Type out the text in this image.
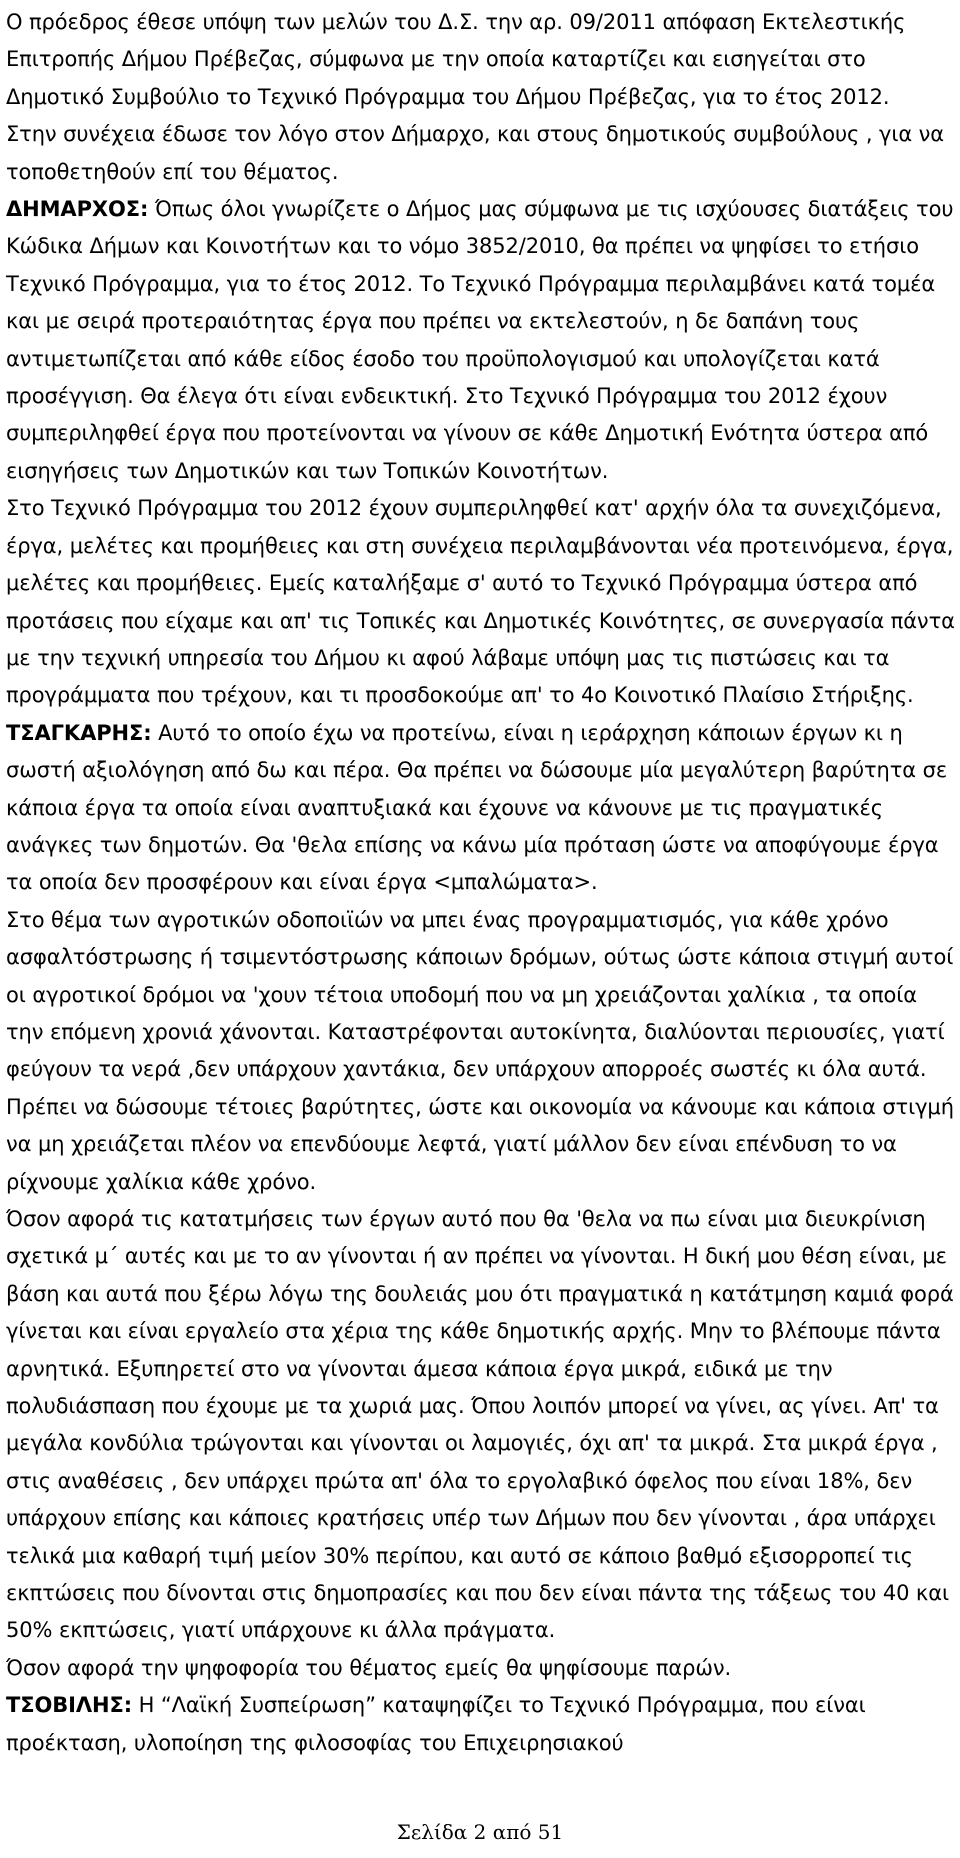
Ο πρόεδρος έθεσε υπόψη των μελών του Δ.Σ. την αρ. 09/2011 απόφαση Εκτελεστικής Επιτροπής Δήμου Πρέβεζας, σύμφωνα με την οποία καταρτίζει και εισηγείται στο Δημοτικό Συμβούλιο το Τεχνικό Πρόγραμμα του Δήμου Πρέβεζας, για το έτος 2012.

Στην συνέχεια έδωσε τον λόγο στον Δήμαρχο, και στους δημοτικούς συμβούλους , για να τοποθετηθούν επί του θέματος.

ΔΗΜΑΡΧΟΣ: Όπως όλοι γνωρίζετε ο Δήμος μας σύμφωνα με τις ισχύουσες διατάξεις του Κώδικα Δήμων και Κοινοτήτων και το νόμο 3852/2010, θα πρέπει να ψηφίσει το ετήσιο Τεχνικό Πρόγραμμα, για το έτος 2012. Το Τεχνικό Πρόγραμμα περιλαμβάνει κατά τομέα και με σειρά προτεραιότητας έργα που πρέπει να εκτελεστούν, η δε δαπάνη τους αντιμετωπίζεται από κάθε είδος έσοδο του προϋπολογισμού και υπολογίζεται κατά προσέγγιση. Θα έλεγα ότι είναι ενδεικτική. Στο Τεχνικό Πρόγραμμα του 2012 έχουν συμπεριληφθεί έργα που προτείνονται να γίνουν σε κάθε Δημοτική Ενότητα ύστερα από εισηγήσεις των Δημοτικών και των Τοπικών Κοινοτήτων.

Στο Τεχνικό Πρόγραμμα του 2012 έχουν συμπεριληφθεί κατ' αρχήν όλα τα συνεχιζόμενα, έργα, μελέτες και προμήθειες και στη συνέχεια περιλαμβάνονται νέα προτεινόμενα, έργα, μελέτες και προμήθειες. Εμείς καταλήξαμε σ' αυτό το Τεχνικό Πρόγραμμα ύστερα από προτάσεις που είχαμε και απ' τις Τοπικές και Δημοτικές Κοινότητες, σε συνεργασία πάντα με την τεχνική υπηρεσία του Δήμου κι αφού λάβαμε υπόψη μας τις πιστώσεις και τα προγράμματα που τρέχουν, και τι προσδοκούμε απ' το 4ο Κοινοτικό Πλαίσιο Στήριξης.

ΤΣΑΓΚΑΡΗΣ: Αυτό το οποίο έχω να προτείνω, είναι η ιεράρχηση κάποιων έργων κι η σωστή αξιολόγηση από δω και πέρα. Θα πρέπει να δώσουμε μία μεγαλύτερη βαρύτητα σε κάποια έργα τα οποία είναι αναπτυξιακά και έχουνε να κάνουνε με τις πραγματικές ανάγκες των δημοτών. Θα 'θελα επίσης να κάνω μία πρόταση ώστε να αποφύγουμε έργα τα οποία δεν προσφέρουν και είναι έργα <μπαλώματα>.

Στο θέμα των αγροτικών οδοποιϊών να μπει ένας προγραμματισμός, για κάθε χρόνο ασφαλτόστρωσης ή τσιμεντόστρωσης κάποιων δρόμων, ούτως ώστε κάποια στιγμή αυτοί οι αγροτικοί δρόμοι να 'χουν τέτοια υποδομή που να μη χρειάζονται χαλίκια , τα οποία την επόμενη χρονιά χάνονται. Καταστρέφονται αυτοκίνητα, διαλύονται περιουσίες, γιατί φεύγουν τα νερά ,δεν υπάρχουν χαντάκια, δεν υπάρχουν απορροές σωστές κι όλα αυτά. Πρέπει να δώσουμε τέτοιες βαρύτητες, ώστε και οικονομία να κάνουμε και κάποια στιγμή να μη χρειάζεται πλέον να επενδύουμε λεφτά, γιατί μάλλον δεν είναι επένδυση το να ρίχνουμε χαλίκια κάθε χρόνο.

Όσον αφορά τις κατατμήσεις των έργων αυτό που θα 'θελα να πω είναι μια διευκρίνιση σχετικά μ΄ αυτές και με το αν γίνονται ή αν πρέπει να γίνονται. Η δική μου θέση είναι, με βάση και αυτά που ξέρω λόγω της δουλειάς μου ότι πραγματικά η κατάτμηση καμιά φορά γίνεται και είναι εργαλείο στα χέρια της κάθε δημοτικής αρχής. Μην το βλέπουμε πάντα αρνητικά. Εξυπηρετεί στο να γίνονται άμεσα κάποια έργα μικρά, ειδικά με την πολυδιάσπαση που έχουμε με τα χωριά μας. Όπου λοιπόν μπορεί να γίνει, ας γίνει. Απ' τα μεγάλα κονδύλια τρώγονται και γίνονται οι λαμογιές, όχι απ' τα μικρά. Στα μικρά έργα , στις αναθέσεις , δεν υπάρχει πρώτα απ' όλα το εργολαβικό όφελος που είναι 18%, δεν υπάρχουν επίσης και κάποιες κρατήσεις υπέρ των Δήμων που δεν γίνονται , άρα υπάρχει τελικά μια καθαρή τιμή μείον 30% περίπου, και αυτό σε κάποιο βαθμό εξισορροπεί τις εκπτώσεις που δίνονται στις δημοπρασίες και που δεν είναι πάντα της τάξεως του 40 και 50% εκπτώσεις, γιατί υπάρχουνε κι άλλα πράγματα.

Όσον αφορά την ψηφοφορία του θέματος εμείς θα ψηφίσουμε παρών.

ΤΣΟΒΙΛΗΣ: Η “Λαϊκή Συσπείρωση” καταψηφίζει το Τεχνικό Πρόγραμμα, που είναι προέκταση, υλοποίηση της φιλοσοφίας του Επιχειρησιακού

Σελίδα 2 από 51
